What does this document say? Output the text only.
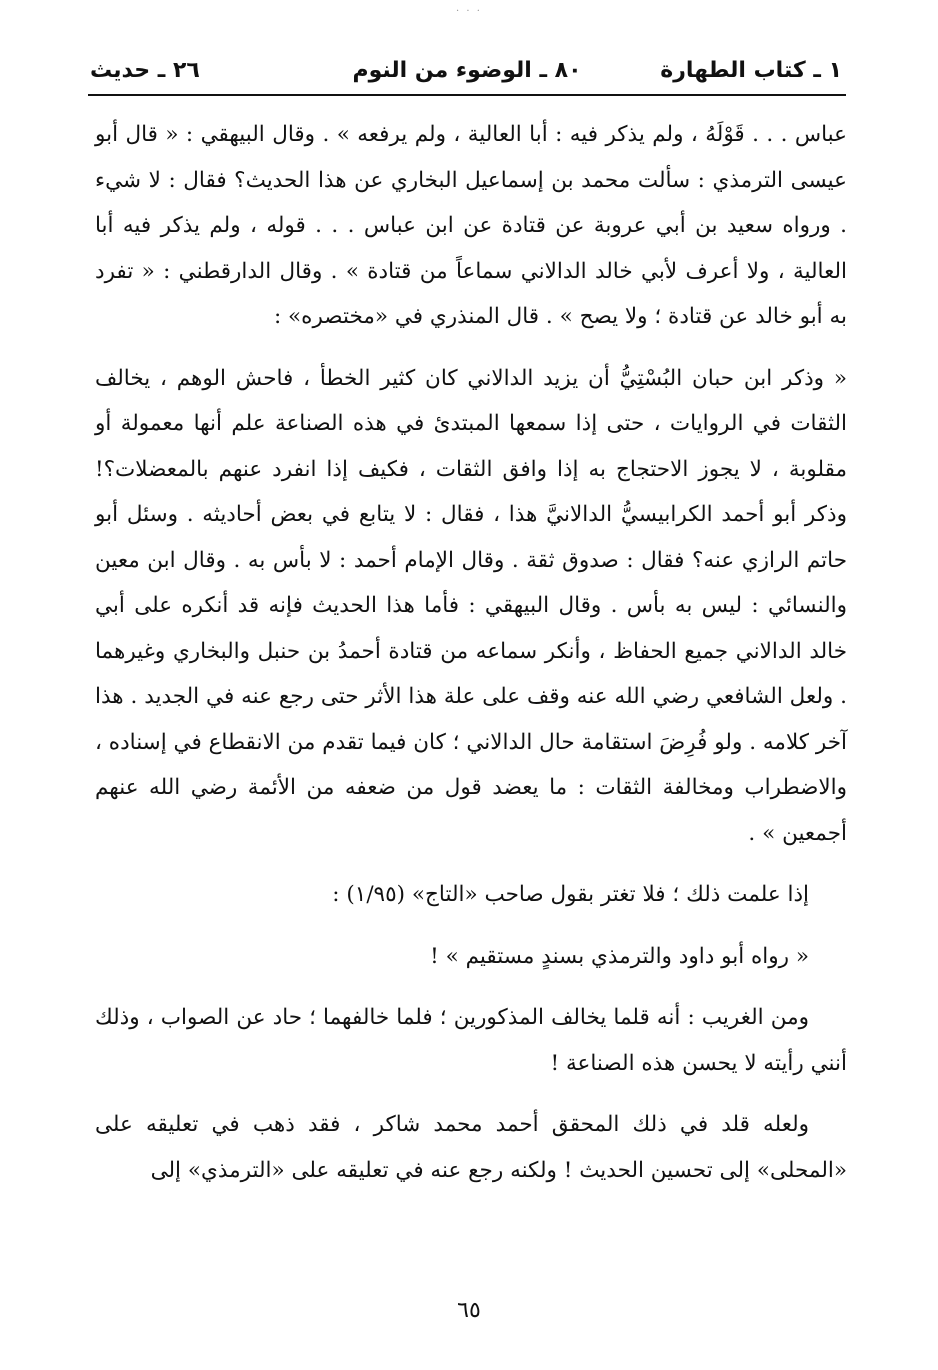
· · ·
١ ـ كتاب الطهارة
٨٠ ـ الوضوء من النوم
٢٦ ـ حديث

عباس . . . قَوْلَهُ ، ولم يذكر فيه : أبا العالية ، ولم يرفعه » . وقال البيهقي : « قال أبو عيسى الترمذي : سألت محمد بن إسماعيل البخاري عن هذا الحديث؟ فقال : لا شيء . ورواه سعيد بن أبي عروبة عن قتادة عن ابن عباس . . . قوله ، ولم يذكر فيه أبا العالية ، ولا أعرف لأبي خالد الدالاني سماعاً من قتادة » . وقال الدارقطني : « تفرد به أبو خالد عن قتادة ؛ ولا يصح » . قال المنذري في «مختصره» :

« وذكر ابن حبان البُسْتِيُّ أن يزيد الدالاني كان كثير الخطأ ، فاحش الوهم ، يخالف الثقات في الروايات ، حتى إذا سمعها المبتدئ في هذه الصناعة علم أنها معمولة أو مقلوبة ، لا يجوز الاحتجاج به إذا وافق الثقات ، فكيف إذا انفرد عنهم بالمعضلات؟! وذكر أبو أحمد الكرابيسيُّ الدالانيَّ هذا ، فقال : لا يتابع في بعض أحاديثه . وسئل أبو حاتم الرازي عنه؟ فقال : صدوق ثقة . وقال الإمام أحمد : لا بأس به . وقال ابن معين والنسائي : ليس به بأس . وقال البيهقي : فأما هذا الحديث فإنه قد أنكره على أبي خالد الدالاني جميع الحفاظ ، وأنكر سماعه من قتادة أحمدُ بن حنبل والبخاري وغيرهما . ولعل الشافعي رضي الله عنه وقف على علة هذا الأثر حتى رجع عنه في الجديد . هذا آخر كلامه . ولو فُرِضَ استقامة حال الدالاني ؛ كان فيما تقدم من الانقطاع في إسناده ، والاضطراب ومخالفة الثقات : ما يعضد قول من ضعفه من الأئمة رضي الله عنهم أجمعين » .

إذا علمت ذلك ؛ فلا تغتر بقول صاحب «التاج» (١/٩٥) :

« رواه أبو داود والترمذي بسندٍ مستقيم » !

ومن الغريب : أنه قلما يخالف المذكورين ؛ فلما خالفهما ؛ حاد عن الصواب ، وذلك أنني رأيته لا يحسن هذه الصناعة !

ولعله قلد في ذلك المحقق أحمد محمد شاكر ، فقد ذهب في تعليقه على «المحلى» إلى تحسين الحديث ! ولكنه رجع عنه في تعليقه على «الترمذي» إلى

٦٥
